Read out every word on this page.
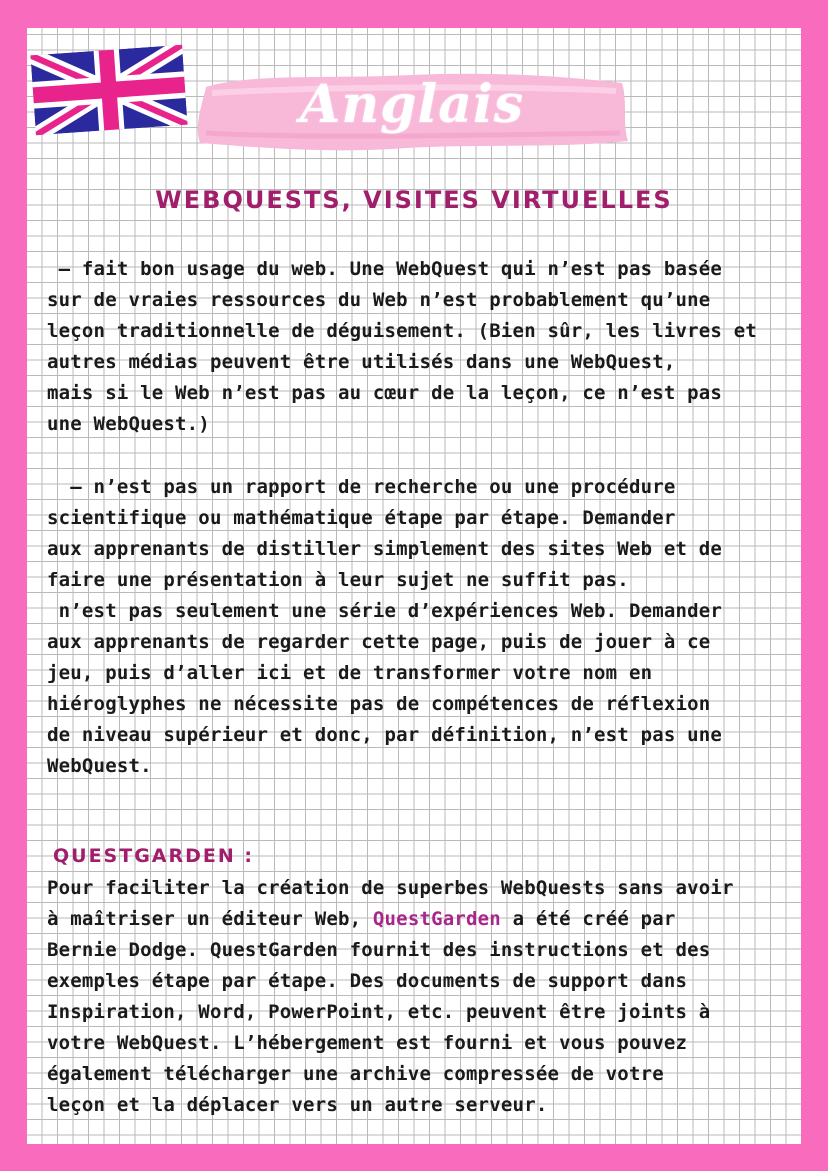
Anglais
WEBQUESTS, VISITES VIRTUELLES

– fait bon usage du web. Une WebQuest qui n’est pas basée
sur de vraies ressources du Web n’est probablement qu’une
leçon traditionnelle de déguisement. (Bien sûr, les livres et
autres médias peuvent être utilisés dans une WebQuest,
mais si le Web n’est pas au cœur de la leçon, ce n’est pas
une WebQuest.)

– n’est pas un rapport de recherche ou une procédure
scientifique ou mathématique étape par étape. Demander
aux apprenants de distiller simplement des sites Web et de
faire une présentation à leur sujet ne suffit pas.
n’est pas seulement une série d’expériences Web. Demander
aux apprenants de regarder cette page, puis de jouer à ce
jeu, puis d’aller ici et de transformer votre nom en
hiéroglyphes ne nécessite pas de compétences de réflexion
de niveau supérieur et donc, par définition, n’est pas une
WebQuest.

QUESTGARDEN :

Pour faciliter la création de superbes WebQuests sans avoir
à maîtriser un éditeur Web, QuestGarden a été créé par
Bernie Dodge. QuestGarden fournit des instructions et des
exemples étape par étape. Des documents de support dans
Inspiration, Word, PowerPoint, etc. peuvent être joints à
votre WebQuest. L’hébergement est fourni et vous pouvez
également télécharger une archive compressée de votre
leçon et la déplacer vers un autre serveur.
